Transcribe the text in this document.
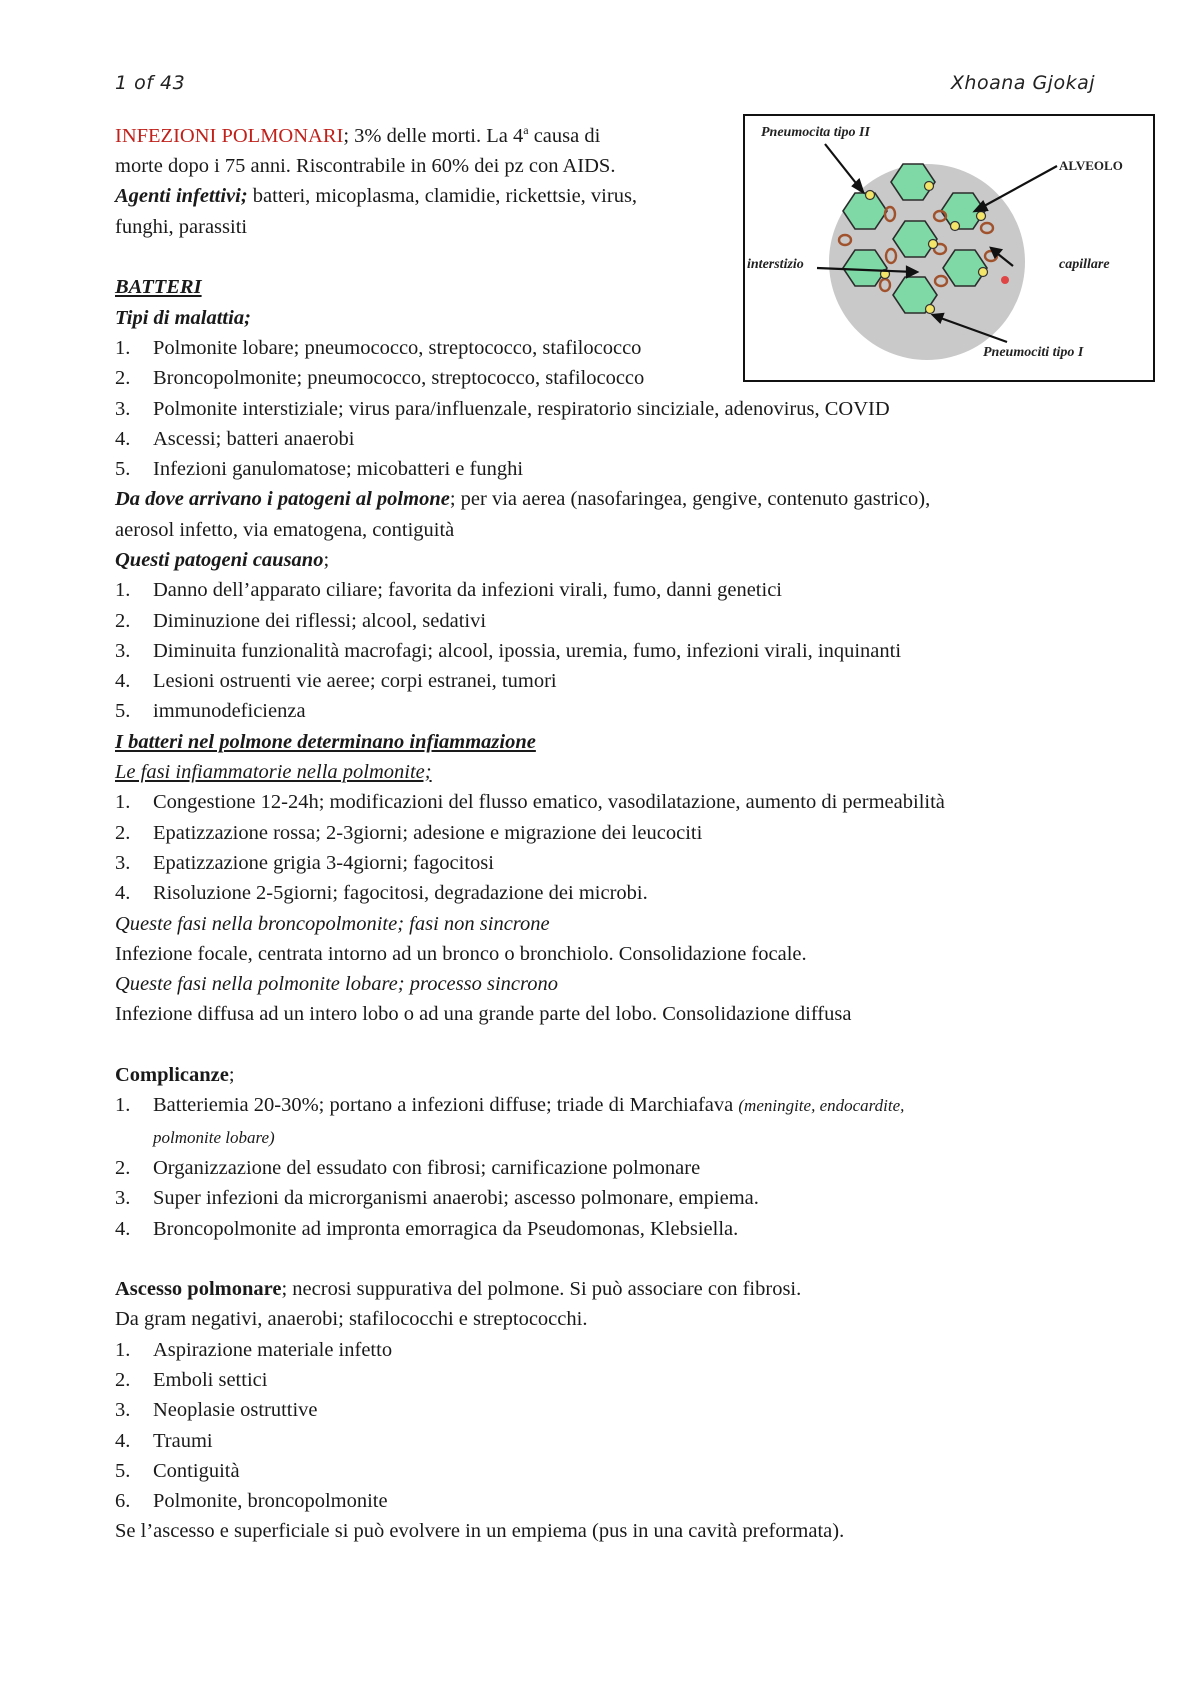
1 of 43	Xhoana Gjokaj
Pneumocita tipo II
ALVEOLO
interstizio	capillare
Pneumociti tipo I

INFEZIONI POLMONARI; 3% delle morti. La 4$^a$ causa di

morte dopo i 75 anni. Riscontrabile in 60% dei pz con AIDS.

Agenti infettivi; batteri, micoplasma, clamidie, rickettsie, virus,

funghi, parassiti

BATTERI

Tipi di malattia;

1. Polmonite lobare; pneumococco, streptococco, stafilococco
2. Broncopolmonite; pneumococco, streptococco, stafilococco
3. Polmonite interstiziale; virus para/influenzale, respiratorio sinciziale, adenovirus, COVID
4. Ascessi; batteri anaerobi
5. Infezioni ganulomatose; micobatteri e funghi

Da dove arrivano i patogeni al polmone; per via aerea (nasofaringea, gengive, contenuto gastrico),

aerosol infetto, via ematogena, contiguità

Questi patogeni causano;

1. Danno dell’apparato ciliare; favorita da infezioni virali, fumo, danni genetici
2. Diminuzione dei riflessi; alcool, sedativi
3. Diminuita funzionalità macrofagi; alcool, ipossia, uremia, fumo, infezioni virali, inquinanti
4. Lesioni ostruenti vie aeree; corpi estranei, tumori
5. immunodeficienza

I batteri nel polmone determinano infiammazione

Le fasi infiammatorie nella polmonite;

1. Congestione 12-24h; modificazioni del flusso ematico, vasodilatazione, aumento di permeabilità
2. Epatizzazione rossa; 2-3giorni; adesione e migrazione dei leucociti
3. Epatizzazione grigia 3-4giorni; fagocitosi
4. Risoluzione 2-5giorni; fagocitosi, degradazione dei microbi.

Queste fasi nella broncopolmonite; fasi non sincrone

Infezione focale, centrata intorno ad un bronco o bronchiolo. Consolidazione focale.

Queste fasi nella polmonite lobare; processo sincrono

Infezione diffusa ad un intero lobo o ad una grande parte del lobo. Consolidazione diffusa

Complicanze;

1. Batteriemia 20-30%; portano a infezioni diffuse; triade di Marchiafava (meningite, endocardite,
polmonite lobare)
2. Organizzazione del essudato con fibrosi; carnificazione polmonare
3. Super infezioni da microrganismi anaerobi; ascesso polmonare, empiema.
4. Broncopolmonite ad impronta emorragica da Pseudomonas, Klebsiella.

Ascesso polmonare; necrosi suppurativa del polmone. Si può associare con fibrosi.

Da gram negativi, anaerobi; stafilococchi e streptococchi.

1. Aspirazione materiale infetto
2. Emboli settici
3. Neoplasie ostruttive
4. Traumi
5. Contiguità
6. Polmonite, broncopolmonite

Se l’ascesso e superficiale si può evolvere in un empiema (pus in una cavità preformata).
